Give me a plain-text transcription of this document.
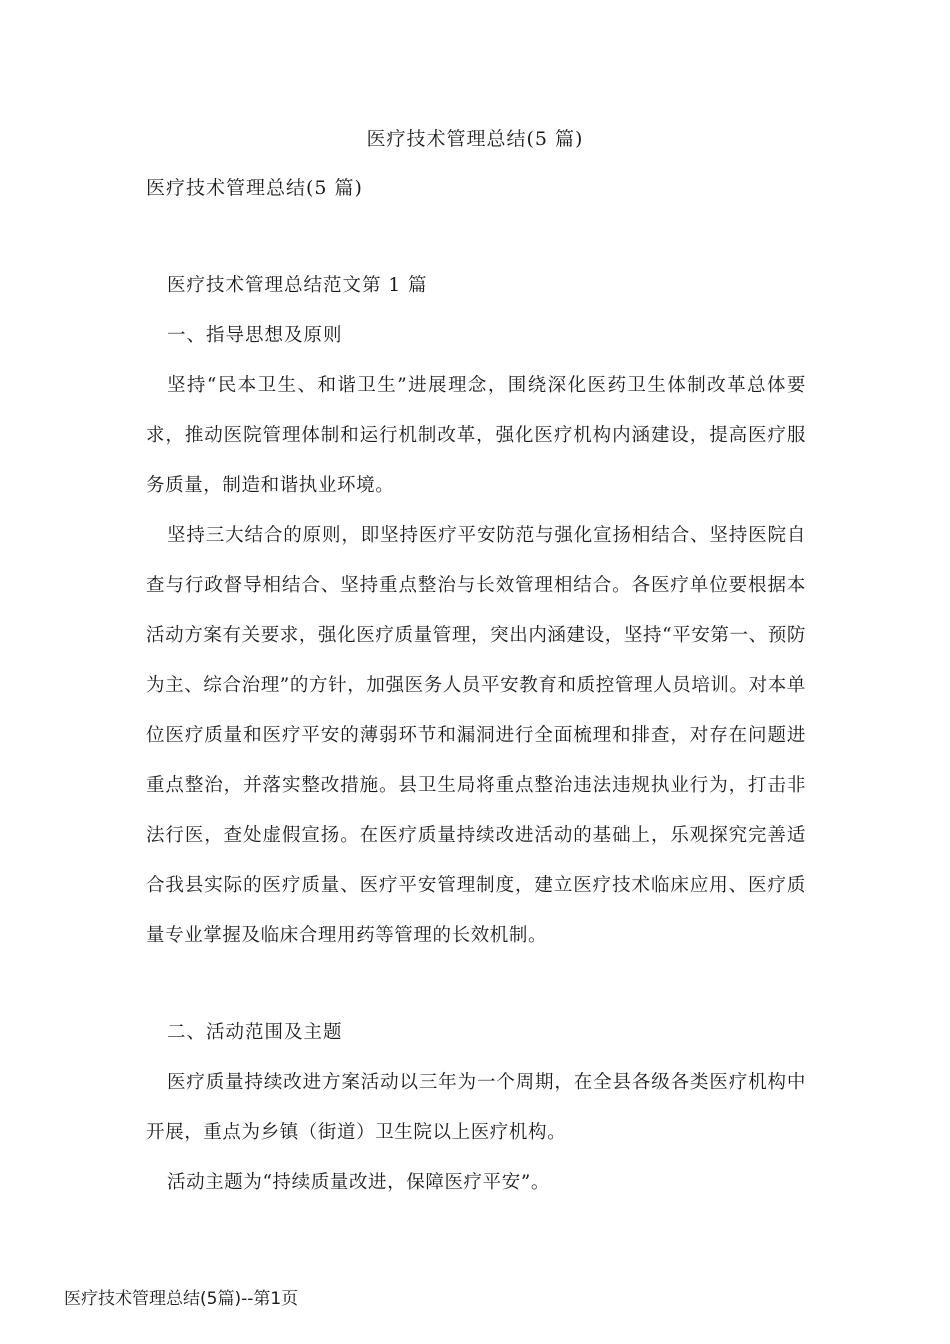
医疗技术管理总结(5 篇)
医疗技术管理总结(5 篇)
医疗技术管理总结范文第 1 篇
一、指导思想及原则
坚持“民本卫生、和谐卫生”进展理念，围绕深化医药卫生体制改革总体要求，推动医院管理体制和运行机制改革，强化医疗机构内涵建设，提高医疗服务质量，制造和谐执业环境。
坚持三大结合的原则，即坚持医疗平安防范与强化宣扬相结合、坚持医院自查与行政督导相结合、坚持重点整治与长效管理相结合。各医疗单位要根据本活动方案有关要求，强化医疗质量管理，突出内涵建设，坚持“平安第一、预防为主、综合治理”的方针，加强医务人员平安教育和质控管理人员培训。对本单位医疗质量和医疗平安的薄弱环节和漏洞进行全面梳理和排查，对存在问题进重点整治，并落实整改措施。县卫生局将重点整治违法违规执业行为，打击非法行医，查处虚假宣扬。在医疗质量持续改进活动的基础上，乐观探究完善适合我县实际的医疗质量、医疗平安管理制度，建立医疗技术临床应用、医疗质量专业掌握及临床合理用药等管理的长效机制。
二、活动范围及主题
医疗质量持续改进方案活动以三年为一个周期，在全县各级各类医疗机构中开展，重点为乡镇（街道）卫生院以上医疗机构。
活动主题为“持续质量改进，保障医疗平安”。
医疗技术管理总结(5篇)--第1页
